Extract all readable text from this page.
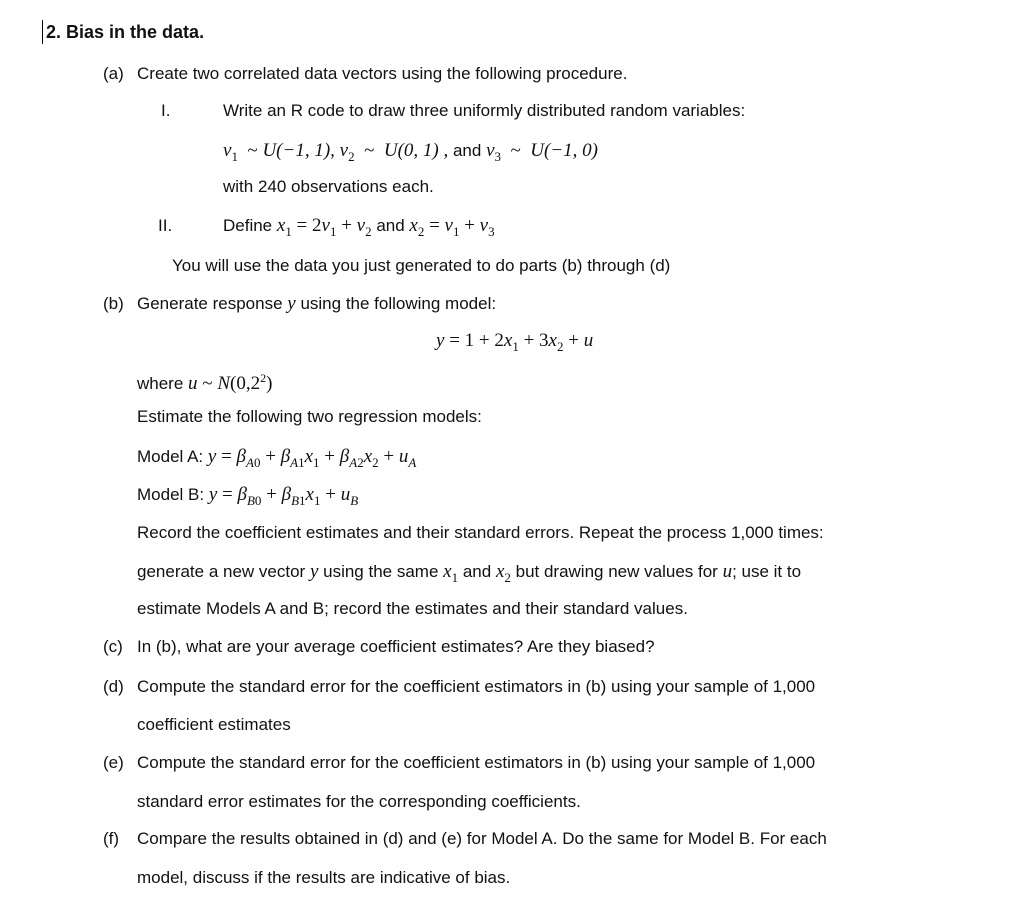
2. Bias in the data.
(a) Create two correlated data vectors using the following procedure.
I.	Write an R code to draw three uniformly distributed random variables:
$v_1$  ~ U(−1, 1), $v_2$  ~  U(0, 1) , and $v_3$  ~  U(−1, 0)
with 240 observations each.
II.	Define $x_1 = 2v_1 + v_2$ and $x_2 = v_1 + v_3$
You will use the data you just generated to do parts (b) through (d)
(b) Generate response y using the following model:
$y = 1 + 2x_1 + 3x_2 + u$
where u ~ $N(0,2^2)$
Estimate the following two regression models:
Model A: $y = \beta_{A0} + \beta_{A1}x_1 + \beta_{A2}x_2 + u_A$
Model B: $y = \beta_{B0} + \beta_{B1}x_1 + u_B$
Record the coefficient estimates and their standard errors. Repeat the process 1,000 times:
generate a new vector y using the same $x_1$ and $x_2$ but drawing new values for u; use it to
estimate Models A and B; record the estimates and their standard values.
(c) In (b), what are your average coefficient estimates? Are they biased?
(d) Compute the standard error for the coefficient estimators in (b) using your sample of 1,000
coefficient estimates
(e) Compute the standard error for the coefficient estimators in (b) using your sample of 1,000
standard error estimates for the corresponding coefficients.
(f) Compare the results obtained in (d) and (e) for Model A. Do the same for Model B. For each
model, discuss if the results are indicative of bias.
